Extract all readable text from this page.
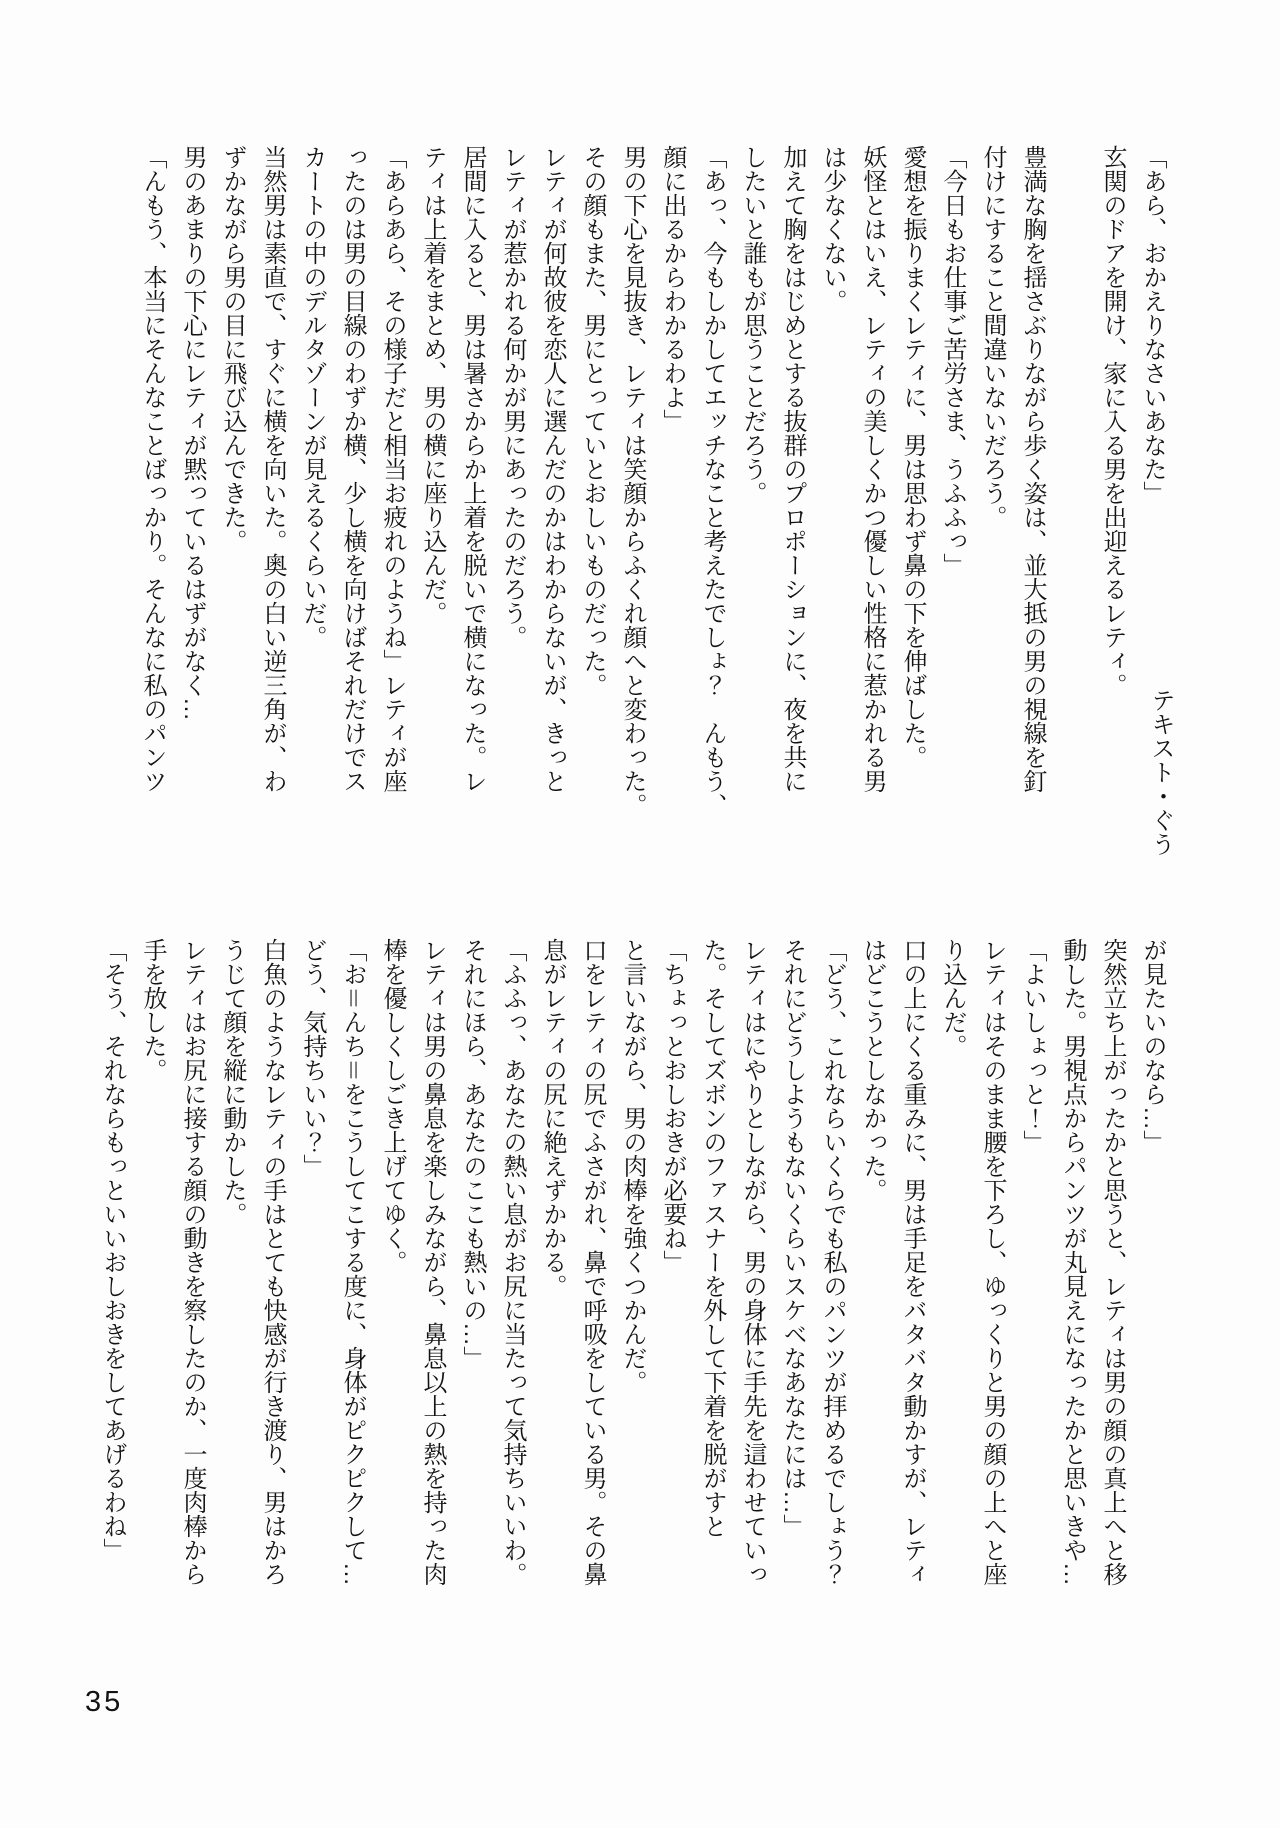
「あら、おかえりなさいあなた」
玄関のドアを開け、家に入る男を出迎えるレティ。
豊満な胸を揺さぶりながら歩く姿は、並大抵の男の視線を釘
付けにすること間違いないだろう。
「今日もお仕事ご苦労さま、うふふっ」
愛想を振りまくレティに、男は思わず鼻の下を伸ばした。
妖怪とはいえ、レティの美しくかつ優しい性格に惹かれる男
は少なくない。
加えて胸をはじめとする抜群のプロポーションに、夜を共に
したいと誰もが思うことだろう。
「あっ、今もしかしてエッチなこと考えたでしょ？　んもう、
顔に出るからわかるわよ」
男の下心を見抜き、レティは笑顔からふくれ顔へと変わった。
その顔もまた、男にとっていとおしいものだった。
レティが何故彼を恋人に選んだのかはわからないが、きっと
レティが惹かれる何かが男にあったのだろう。
居間に入ると、男は暑さからか上着を脱いで横になった。レ
ティは上着をまとめ、男の横に座り込んだ。
「あらあら、その様子だと相当お疲れのようね」レティが座
ったのは男の目線のわずか横、少し横を向けばそれだけでス
カートの中のデルタゾーンが見えるくらいだ。
当然男は素直で、すぐに横を向いた。奥の白い逆三角が、わ
ずかながら男の目に飛び込んできた。
男のあまりの下心にレティが黙っているはずがなく…
「んもう、本当にそんなことばっかり。そんなに私のパンツ	テキスト・ぐう
が見たいのなら…」
突然立ち上がったかと思うと、レティは男の顔の真上へと移
動した。男視点からパンツが丸見えになったかと思いきや…
「よいしょっと！」
レティはそのまま腰を下ろし、ゆっくりと男の顔の上へと座
り込んだ。
口の上にくる重みに、男は手足をバタバタ動かすが、レティ
はどこうとしなかった。
「どう、これならいくらでも私のパンツが拝めるでしょう？
それにどうしようもないくらいスケベなあなたには…」
レティはにやりとしながら、男の身体に手先を這わせていっ
た。そしてズボンのファスナーを外して下着を脱がすと
「ちょっとおしおきが必要ね」
と言いながら、男の肉棒を強くつかんだ。
口をレティの尻でふさがれ、鼻で呼吸をしている男。その鼻
息がレティの尻に絶えずかかる。
「ふふっ、あなたの熱い息がお尻に当たって気持ちいいわ。
それにほら、あなたのここも熱いの…」
レティは男の鼻息を楽しみながら、鼻息以上の熱を持った肉
棒を優しくしごき上げてゆく。
「お＝んち＝をこうしてこする度に、身体がピクピクして…
どう、気持ちいい？」
白魚のようなレティの手はとても快感が行き渡り、男はかろ
うじて顔を縦に動かした。
レティはお尻に接する顔の動きを察したのか、一度肉棒から
手を放した。
「そう、それならもっといいおしおきをしてあげるわね」
35
